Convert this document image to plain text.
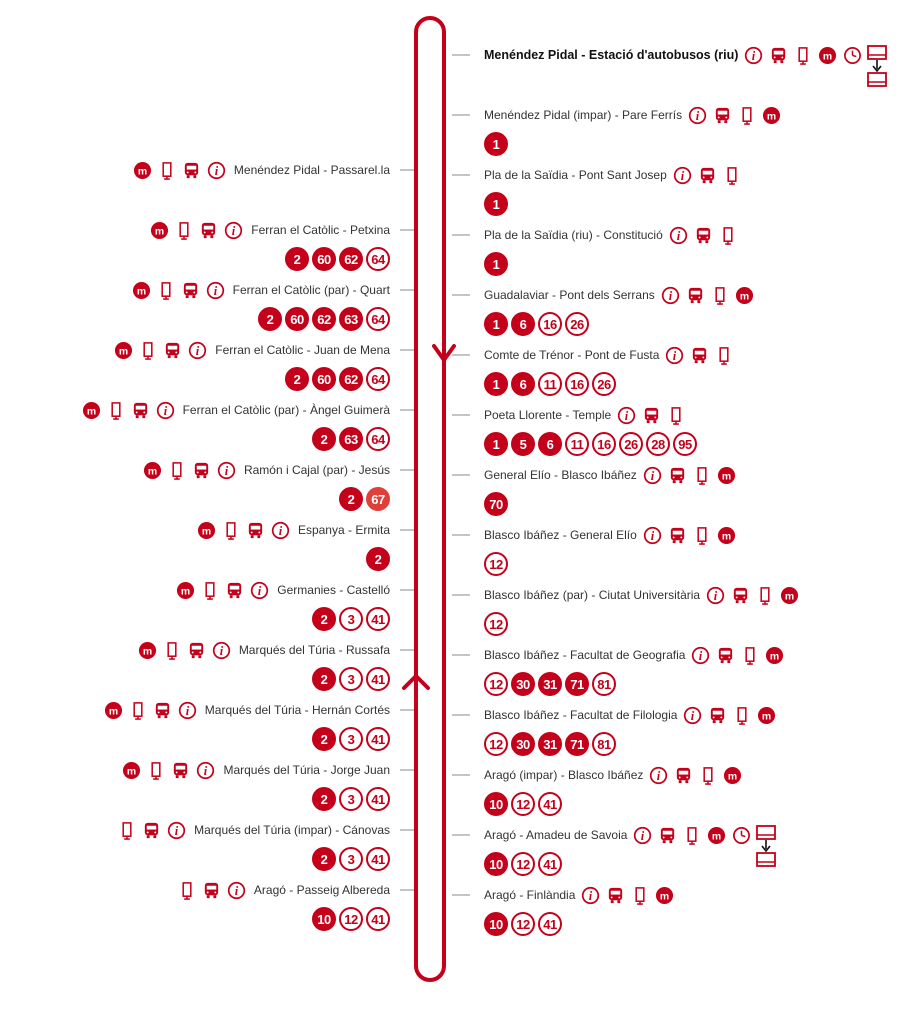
Menéndez Pidal - Estació d'autobusos (riu) i	m
Menéndez Pidal (impar) - Pare Ferrís i	m
1
Pla de la Saïdia - Pont Sant Josep i
1
Pla de la Saïdia (riu) - Constitució i
1
Guadalaviar - Pont dels Serrans i	m
1	6	16	26
Comte de Trénor - Pont de Fusta i
1	6	11	16	26
Poeta Llorente - Temple i
1	5	6	11	16	26	28	95
General Elío - Blasco Ibáñez i	m
70
Blasco Ibáñez - General Elío i	m
12
Blasco Ibáñez (par) - Ciutat Universitària i	m
12
Blasco Ibáñez - Facultat de Geografia i	m
12	30	31	71	81
Blasco Ibáñez - Facultat de Filologia i	m
12	30	31	71	81
Aragó (impar) - Blasco Ibáñez i	m
10	12	41
Aragó - Amadeu de Savoia i	m
10	12	41
Aragó - Finlàndia i	m
10	12	41
Menéndez Pidal - Passarel.la
i
m
Ferran el Catòlic - Petxina
i
m
2	60	62	64
Ferran el Catòlic (par) - Quart
i
m
2	60	62	63	64
Ferran el Catòlic - Juan de Mena
i
m
2	60	62	64
Ferran el Catòlic (par) - Àngel Guimerà
i
m
2	63	64
Ramón i Cajal (par) - Jesús
i
m
2	67
Espanya - Ermita
i
m
2
Germanies - Castelló
i
m
2	3	41
Marqués del Túria - Russafa
i
m
2	3	41
Marqués del Túria - Hernán Cortés
i
m
2	3	41
Marqués del Túria - Jorge Juan
i
m
2	3	41
Marqués del Túria (impar) - Cánovas
i
2	3	41
Aragó - Passeig Albereda
i
10	12	41
